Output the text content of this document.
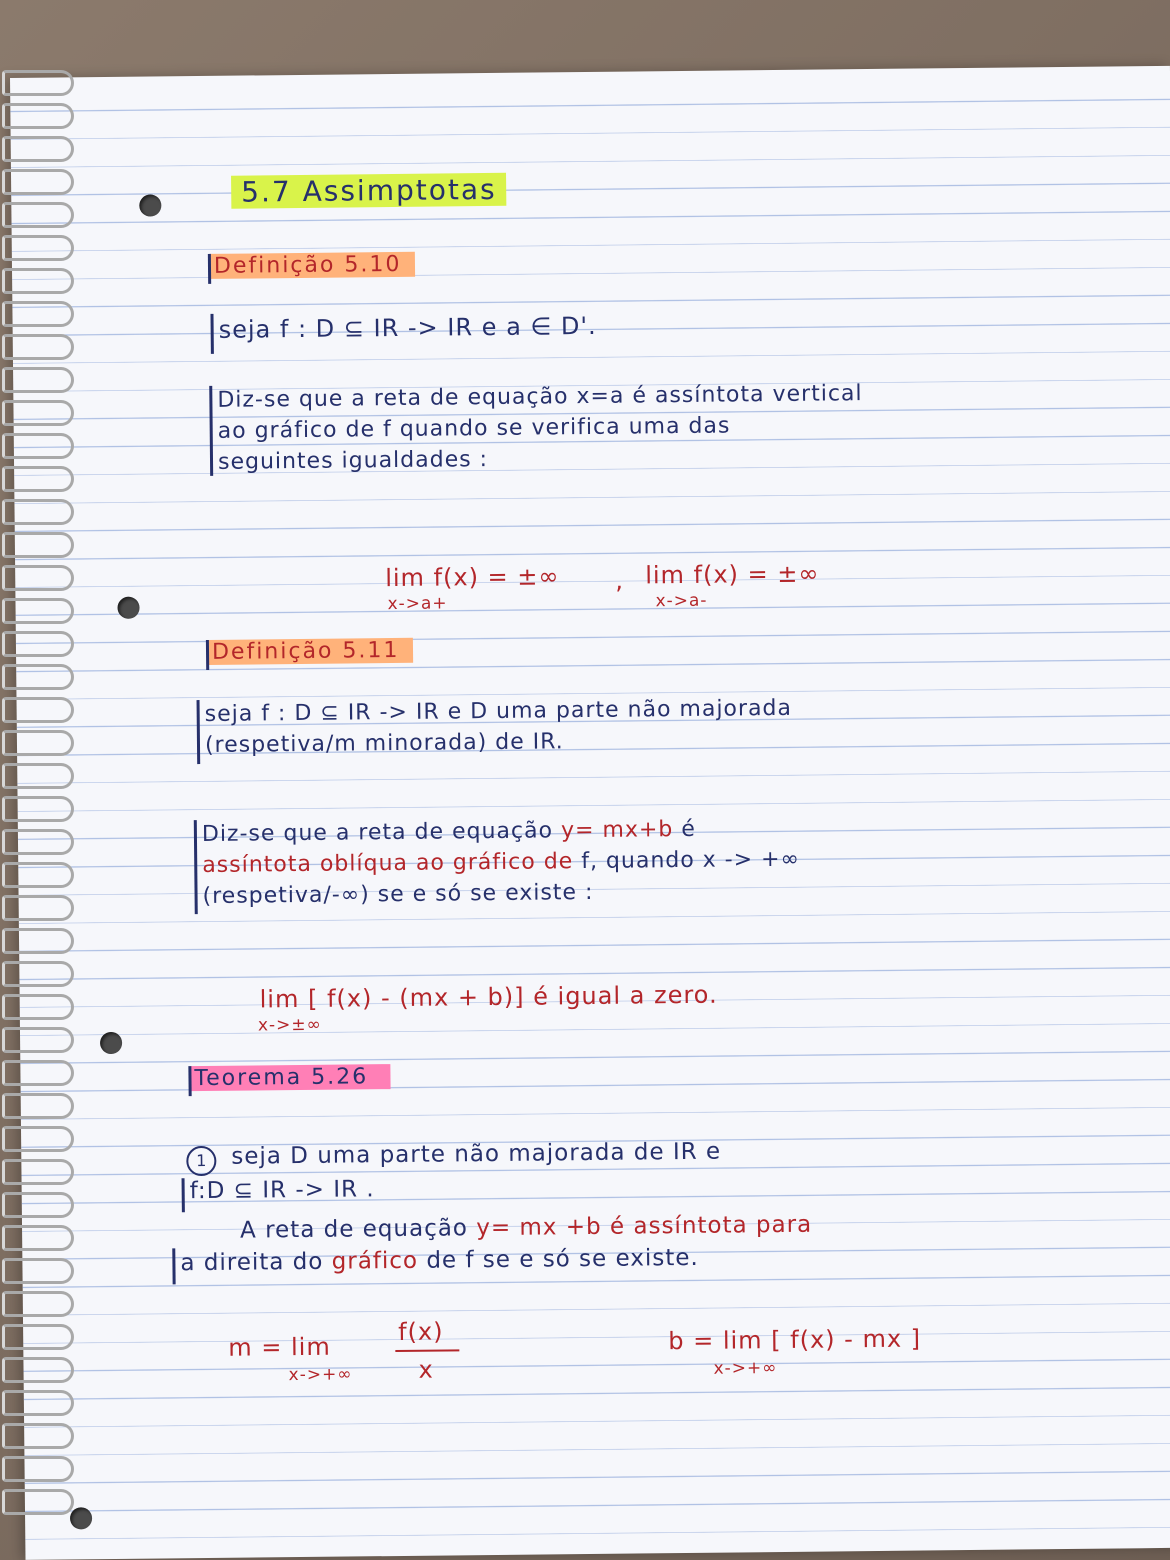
5.7 Assimptotas
Definição 5.10
seja f : D ⊆ IR -> IR e a ∈ D'.
Diz-se que a reta de equação x=a é assíntota vertical
ao gráfico de f quando se verifica uma das
seguintes igualdades :
lim f(x) = ±∞
x->a+
, lim f(x) = ±∞
x->a-
Definição 5.11
seja f : D ⊆ IR -> IR e D uma parte não majorada
(respetiva/m minorada) de IR.
Diz-se que a reta de equação y= mx+b é
assíntota oblíqua ao gráfico de f, quando x -> +∞
(respetiva/-∞) se e só se existe :
lim [ f(x) - (mx + b)] é igual a zero.
x->±∞
Teorema 5.26
1	seja D uma parte não majorada de IR e
f:D ⊆ IR -> IR .
A reta de equação y= mx +b é assíntota para
a direita do gráfico de f se e só se existe.
m = lim
f(x)
x
x->+∞
b = lim [ f(x) - mx ]
x->+∞
